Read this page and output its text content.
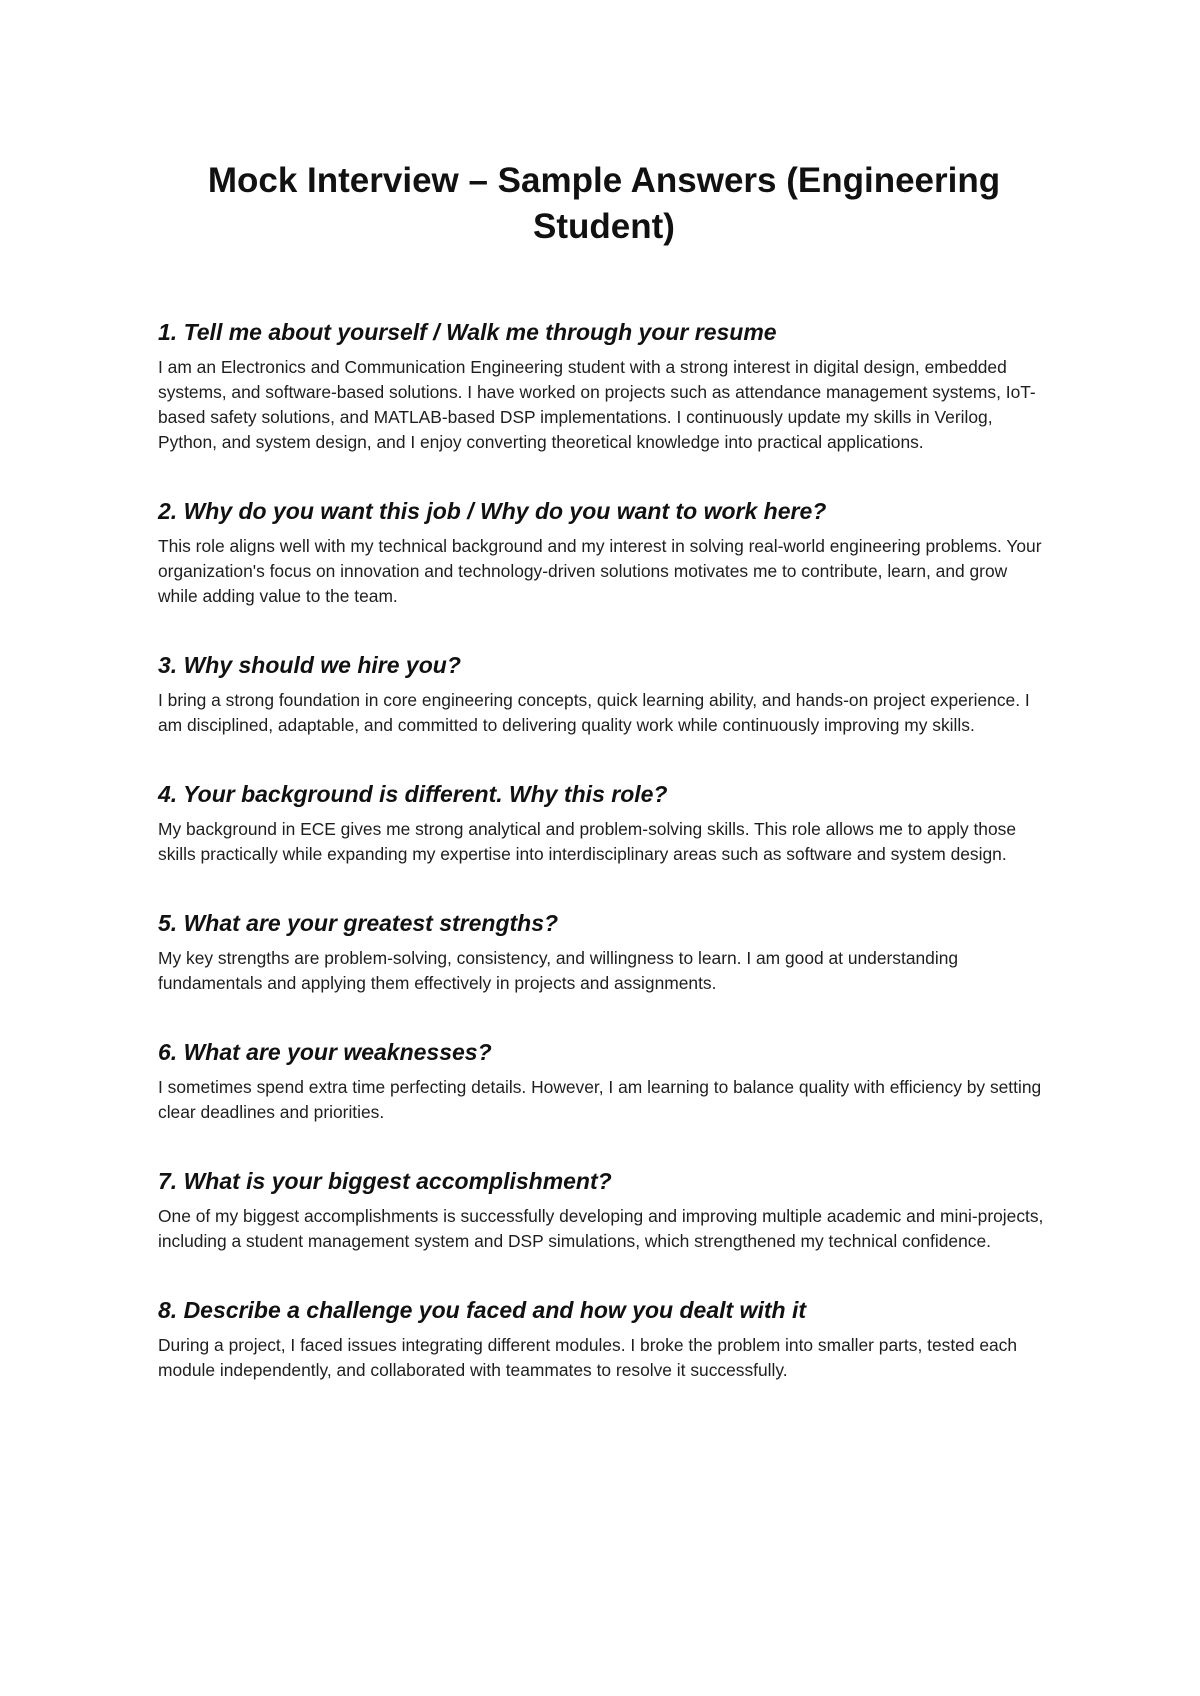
Mock Interview – Sample Answers (Engineering Student)
1. Tell me about yourself / Walk me through your resume

I am an Electronics and Communication Engineering student with a strong interest in digital design, embedded systems, and software-based solutions. I have worked on projects such as attendance management systems, IoT-based safety solutions, and MATLAB-based DSP implementations. I continuously update my skills in Verilog, Python, and system design, and I enjoy converting theoretical knowledge into practical applications.

2. Why do you want this job / Why do you want to work here?

This role aligns well with my technical background and my interest in solving real-world engineering problems. Your organization's focus on innovation and technology-driven solutions motivates me to contribute, learn, and grow while adding value to the team.

3. Why should we hire you?

I bring a strong foundation in core engineering concepts, quick learning ability, and hands-on project experience. I am disciplined, adaptable, and committed to delivering quality work while continuously improving my skills.

4. Your background is different. Why this role?

My background in ECE gives me strong analytical and problem-solving skills. This role allows me to apply those skills practically while expanding my expertise into interdisciplinary areas such as software and system design.

5. What are your greatest strengths?

My key strengths are problem-solving, consistency, and willingness to learn. I am good at understanding fundamentals and applying them effectively in projects and assignments.

6. What are your weaknesses?

I sometimes spend extra time perfecting details. However, I am learning to balance quality with efficiency by setting clear deadlines and priorities.

7. What is your biggest accomplishment?

One of my biggest accomplishments is successfully developing and improving multiple academic and mini-projects, including a student management system and DSP simulations, which strengthened my technical confidence.

8. Describe a challenge you faced and how you dealt with it

During a project, I faced issues integrating different modules. I broke the problem into smaller parts, tested each module independently, and collaborated with teammates to resolve it successfully.
